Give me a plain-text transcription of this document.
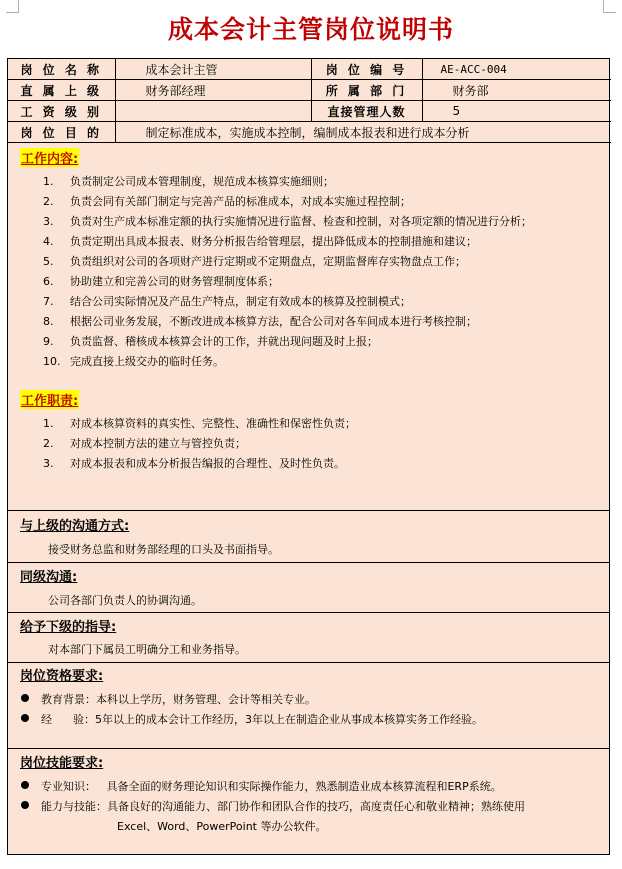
成本会计主管岗位说明书
岗 位 名 称	成本会计主管	岗 位 编 号	AE-ACC-004
直 属 上 级	财务部经理	所 属 部 门	财务部
工 资 级 别		直接管理人数	5
岗 位 目 的	制定标准成本，实施成本控制，编制成本报表和进行成本分析		
工作内容:
1. 负责制定公司成本管理制度，规范成本核算实施细则；
2. 负责会同有关部门制定与完善产品的标准成本，对成本实施过程控制；
3. 负责对生产成本标准定额的执行实施情况进行监督、检查和控制，对各项定额的情况进行分析；
4. 负责定期出具成本报表、财务分析报告给管理层，提出降低成本的控制措施和建议；
5. 负责组织对公司的各项财产进行定期或不定期盘点，定期监督库存实物盘点工作；
6. 协助建立和完善公司的财务管理制度体系；
7. 结合公司实际情况及产品生产特点，制定有效成本的核算及控制模式；
8. 根据公司业务发展，不断改进成本核算方法，配合公司对各车间成本进行考核控制；
9. 负责监督、稽核成本核算会计的工作，并就出现问题及时上报；
10. 完成直接上级交办的临时任务。
工作职责:
1. 对成本核算资料的真实性、完整性、准确性和保密性负责；
2. 对成本控制方法的建立与管控负责；
3. 对成本报表和成本分析报告编报的合理性、及时性负责。
与上级的沟通方式:
接受财务总监和财务部经理的口头及书面指导。
同级沟通:
公司各部门负责人的协调沟通。
给予下级的指导:
对本部门下属员工明确分工和业务指导。
岗位资格要求:
教育背景：本科以上学历，财务管理、会计等相关专业。
经      验：5年以上的成本会计工作经历，3年以上在制造企业从事成本核算实务工作经验。
岗位技能要求:
专业知识：   具备全面的财务理论知识和实际操作能力，熟悉制造业成本核算流程和ERP系统。
能力与技能：具备良好的沟通能力、部门协作和团队合作的技巧，高度责任心和敬业精神；熟练使用
Excel、Word、PowerPoint 等办公软件。
